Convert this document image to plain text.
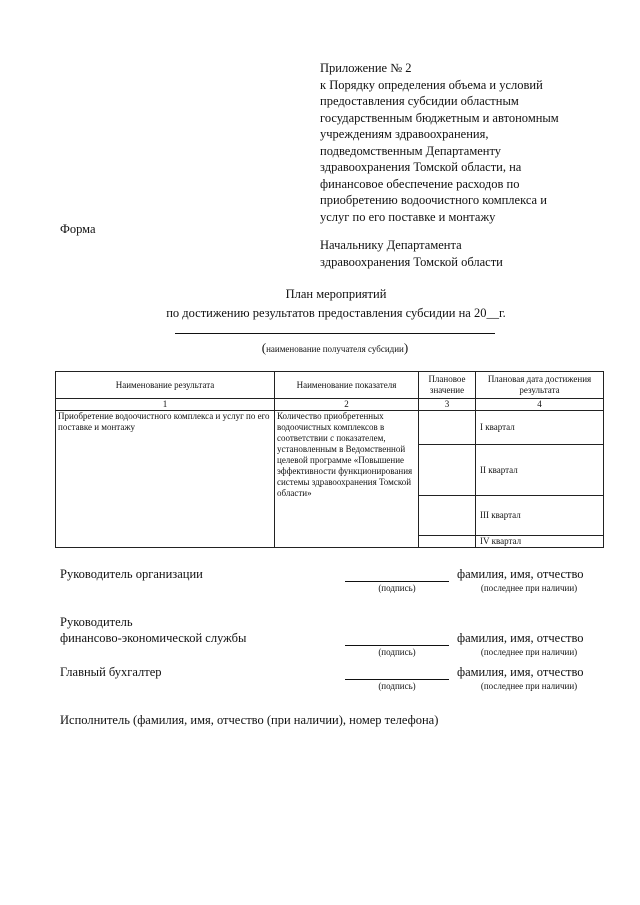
Приложение № 2
к Порядку определения объема и условий
предоставления субсидии областным
государственным бюджетным и автономным
учреждениям здравоохранения,
подведомственным Департаменту
здравоохранения Томской области, на
финансовое обеспечение расходов по
приобретению водоочистного комплекса и
услуг по его поставке и монтажу
Форма
Начальнику Департамента
здравоохранения Томской области
План мероприятий
по достижению результатов предоставления субсидии на 20__г.
(наименование получателя субсидии)
Наименование результата	Наименование показателя	Плановое значение	Плановая дата достижения результата
1	2	3	4
Приобретение водоочистного комплекса и услуг по его поставке и монтажу	Количество приобретенных водоочистных комплексов в соответствии с показателем, установленным в Ведомственной целевой программе «Повышение эффективности функционирования системы здравоохранения Томской области»		I квартал
			II квартал
			III квартал
			IV квартал
Руководитель организации	фамилия, имя, отчество
(подпись)	(последнее при наличии)
Руководитель
финансово-экономической службы	фамилия, имя, отчество
(подпись)	(последнее при наличии)
Главный бухгалтер	фамилия, имя, отчество
(подпись)	(последнее при наличии)
Исполнитель (фамилия, имя, отчество (при наличии), номер телефона)
